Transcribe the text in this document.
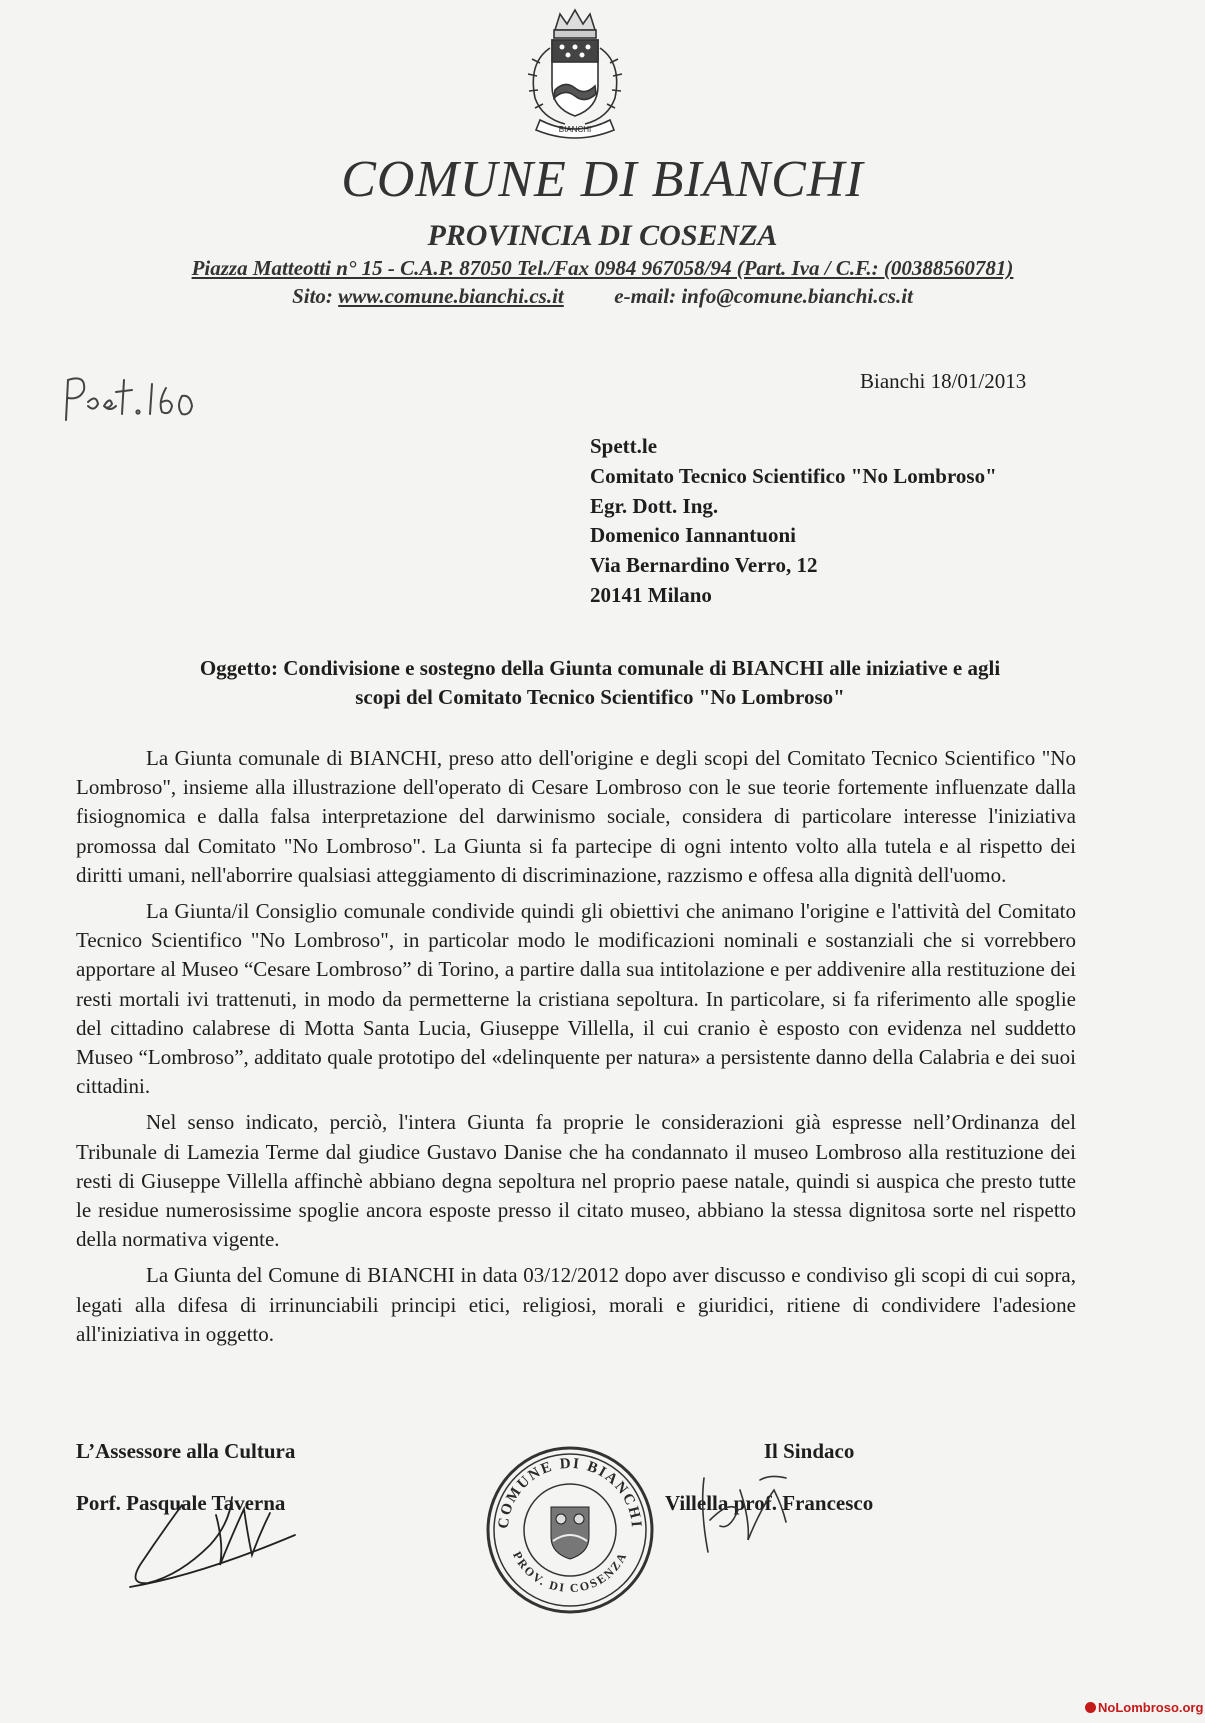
BIANCHI
COMUNE DI BIANCHI
PROVINCIA DI COSENZA
Piazza Matteotti n° 15 - C.A.P. 87050 Tel./Fax 0984 967058/94 (Part. Iva / C.F.: (00388560781)
Sito: www.comune.bianchi.cs.it e-mail: info@comune.bianchi.cs.it
Bianchi 18/01/2013
Spett.le
Comitato Tecnico Scientifico "No Lombroso"
Egr. Dott. Ing.
Domenico Iannantuoni
Via Bernardino Verro, 12
20141 Milano
Oggetto: Condivisione e sostegno della Giunta comunale di BIANCHI alle iniziative e agli
scopi del Comitato Tecnico Scientifico "No Lombroso"

La Giunta comunale di BIANCHI, preso atto dell'origine e degli scopi del Comitato Tecnico Scientifico "No Lombroso", insieme alla illustrazione dell'operato di Cesare Lombroso con le sue teorie fortemente influenzate dalla fisiognomica e dalla falsa interpretazione del darwinismo sociale, considera di particolare interesse l'iniziativa promossa dal Comitato "No Lombroso". La Giunta si fa partecipe di ogni intento volto alla tutela e al rispetto dei diritti umani, nell'aborrire qualsiasi atteggiamento di discriminazione, razzismo e offesa alla dignità dell'uomo.

La Giunta/il Consiglio comunale condivide quindi gli obiettivi che animano l'origine e l'attività del Comitato Tecnico Scientifico "No Lombroso", in particolar modo le modificazioni nominali e sostanziali che si vorrebbero apportare al Museo “Cesare Lombroso” di Torino, a partire dalla sua intitolazione e per addivenire alla restituzione dei resti mortali ivi trattenuti, in modo da permetterne la cristiana sepoltura. In particolare, si fa riferimento alle spoglie del cittadino calabrese di Motta Santa Lucia, Giuseppe Villella, il cui cranio è esposto con evidenza nel suddetto Museo “Lombroso”, additato quale prototipo del «delinquente per natura» a persistente danno della Calabria e dei suoi cittadini.

Nel senso indicato, perciò, l'intera Giunta fa proprie le considerazioni già espresse nell’Ordinanza del Tribunale di Lamezia Terme dal giudice Gustavo Danise che ha condannato il museo Lombroso alla restituzione dei resti di Giuseppe Villella affinchè abbiano degna sepoltura nel proprio paese natale, quindi si auspica che presto tutte le residue numerosissime spoglie ancora esposte presso il citato museo, abbiano la stessa dignitosa sorte nel rispetto della normativa vigente.

La Giunta del Comune di BIANCHI in data 03/12/2012 dopo aver discusso e condiviso gli scopi di cui sopra, legati alla difesa di irrinunciabili principi etici, religiosi, morali e giuridici, ritiene di condividere l'adesione all'iniziativa in oggetto.

L’Assessore alla Cultura
Porf. Pasquale Taverna
Il Sindaco
Villella prof. Francesco
COMUNE DI BIANCHI
PROV. DI COSENZA
NoLombroso.org
